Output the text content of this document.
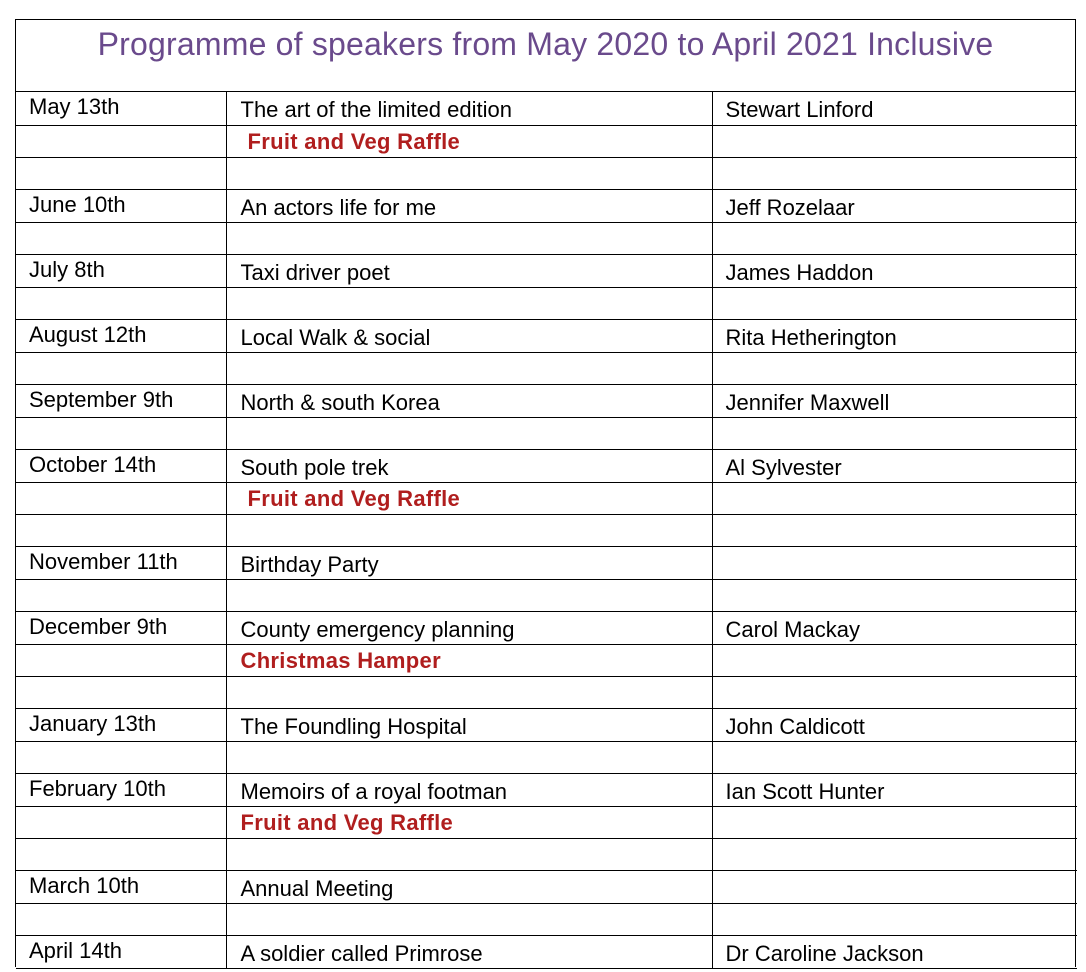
Programme of speakers from May 2020 to April 2021 Inclusive
May 13th	The art of the limited edition	Stewart Linford
	Fruit and Veg Raffle	

June 10th	An actors life for me	Jeff Rozelaar

July 8th	Taxi driver poet	James Haddon

August 12th	Local Walk & social	Rita Hetherington

September 9th	North & south Korea	Jennifer Maxwell

October 14th	South pole trek	Al Sylvester
	Fruit and Veg Raffle	

November 11th	Birthday Party	

December 9th	County emergency planning	Carol Mackay
	Christmas Hamper	

January 13th	The Foundling Hospital	John Caldicott

February 10th	Memoirs of a royal footman	Ian Scott Hunter
	Fruit and Veg Raffle	

March 10th	Annual Meeting	

April 14th	A soldier called Primrose	Dr Caroline Jackson
